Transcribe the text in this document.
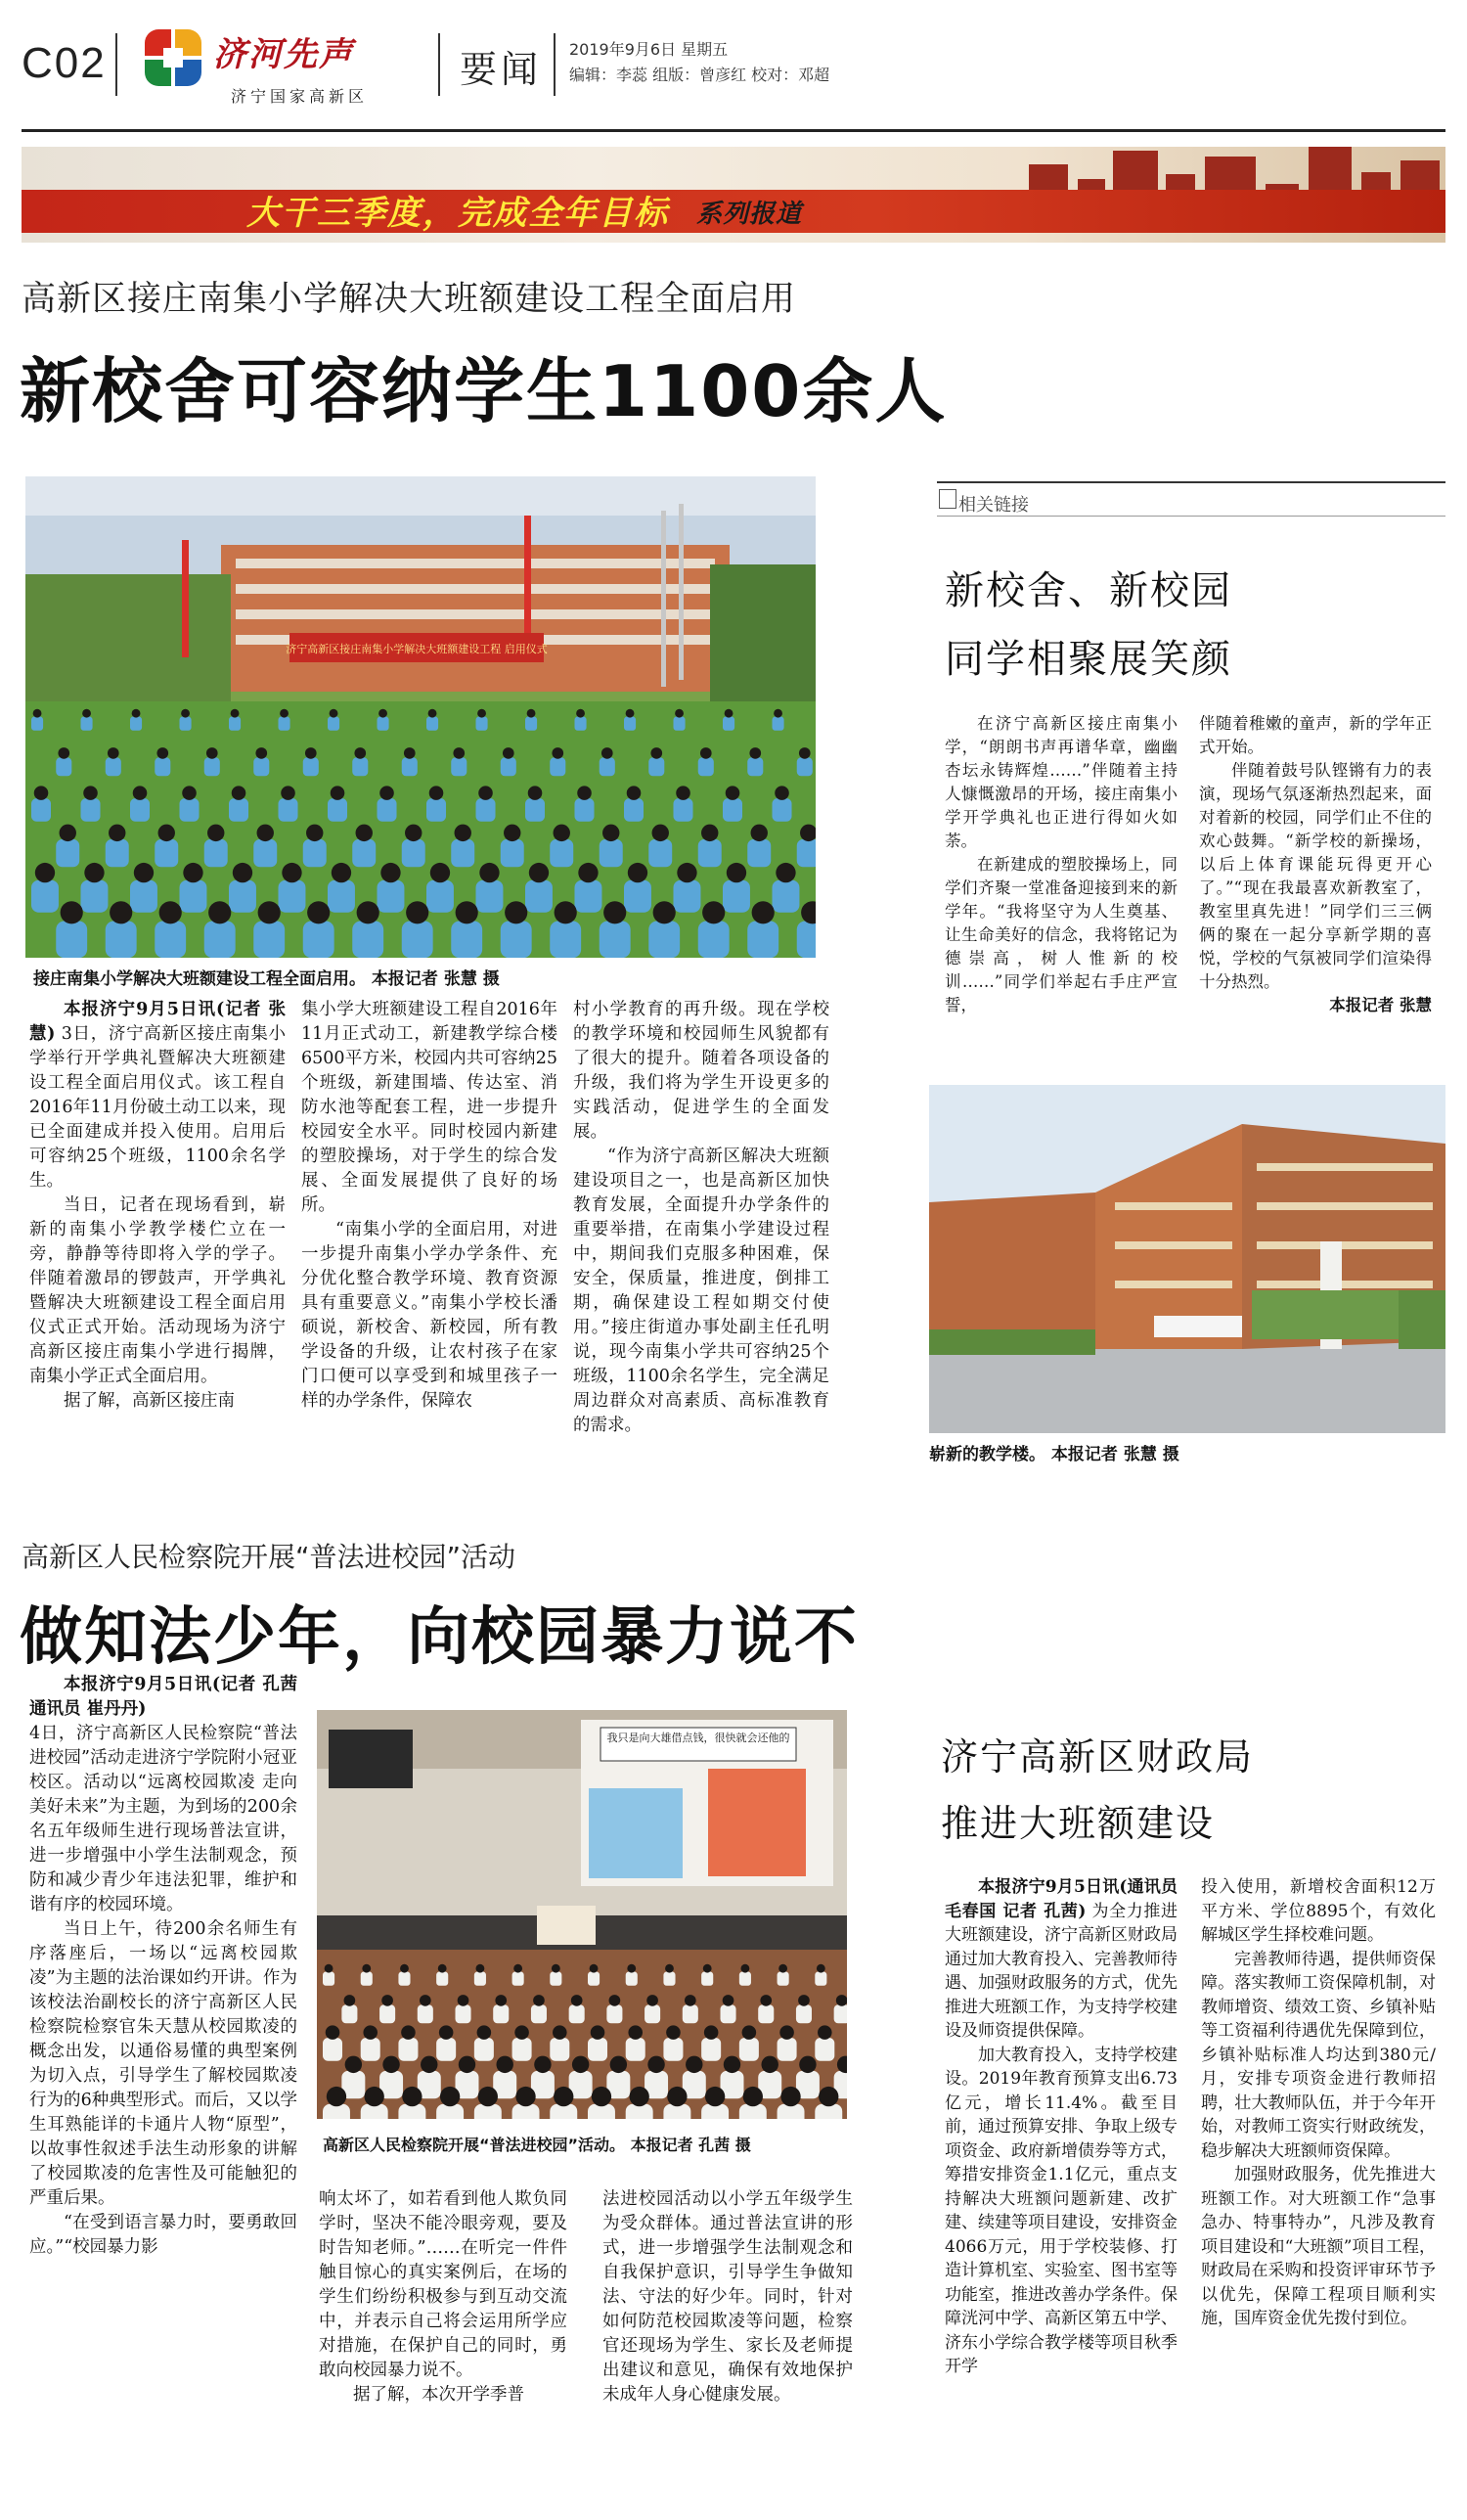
C02	济河先声
济宁国家高新区
要闻 2019年9月6日 星期五
编辑：李蕊 组版：曾彦红 校对：邓超
大干三季度，完成全年目标 系列报道
高新区接庄南集小学解决大班额建设工程全面启用
新校舍可容纳学生1100余人
济宁高新区接庄南集小学解决大班额建设工程 启用仪式
接庄南集小学解决大班额建设工程全面启用。 本报记者 张慧 摄

本报济宁9月5日讯(记者 张慧) 3日，济宁高新区接庄南集小学举行开学典礼暨解决大班额建设工程全面启用仪式。该工程自2016年11月份破土动工以来，现已全面建成并投入使用。启用后可容纳25个班级，1100余名学生。

当日，记者在现场看到，崭新的南集小学教学楼伫立在一旁，静静等待即将入学的学子。伴随着激昂的锣鼓声，开学典礼暨解决大班额建设工程全面启用仪式正式开始。活动现场为济宁高新区接庄南集小学进行揭牌，南集小学正式全面启用。

据了解，高新区接庄南

集小学大班额建设工程自2016年11月正式动工，新建教学综合楼6500平方米，校园内共可容纳25个班级，新建围墙、传达室、消防水池等配套工程，进一步提升校园安全水平。同时校园内新建的塑胶操场，对于学生的综合发展、全面发展提供了良好的场所。

“南集小学的全面启用，对进一步提升南集小学办学条件、充分优化整合教学环境、教育资源具有重要意义。”南集小学校长潘硕说，新校舍、新校园，所有教学设备的升级，让农村孩子在家门口便可以享受到和城里孩子一样的办学条件，保障农

村小学教育的再升级。现在学校的教学环境和校园师生风貌都有了很大的提升。随着各项设备的升级，我们将为学生开设更多的实践活动，促进学生的全面发展。

“作为济宁高新区解决大班额建设项目之一，也是高新区加快教育发展，全面提升办学条件的重要举措，在南集小学建设过程中，期间我们克服多种困难，保安全，保质量，推进度，倒排工期，确保建设工程如期交付使用。”接庄街道办事处副主任孔明说，现今南集小学共可容纳25个班级，1100余名学生，完全满足周边群众对高素质、高标准教育的需求。

相关链接
新校舍、新校园
同学相聚展笑颜

在济宁高新区接庄南集小学，“朗朗书声再谱华章，幽幽杏坛永铸辉煌……”伴随着主持人慷慨激昂的开场，接庄南集小学开学典礼也正进行得如火如荼。

在新建成的塑胶操场上，同学们齐聚一堂准备迎接到来的新学年。“我将坚守为人生奠基、让生命美好的信念，我将铭记为德崇高，树人惟新的校训……”同学们举起右手庄严宣誓，

伴随着稚嫩的童声，新的学年正式开始。

伴随着鼓号队铿锵有力的表演，现场气氛逐渐热烈起来，面对着新的校园，同学们止不住的欢心鼓舞。“新学校的新操场，以后上体育课能玩得更开心了。”“现在我最喜欢新教室了，教室里真先进！”同学们三三俩俩的聚在一起分享新学期的喜悦，学校的气氛被同学们渲染得十分热烈。

本报记者 张慧

崭新的教学楼。 本报记者 张慧 摄
高新区人民检察院开展“普法进校园”活动
做知法少年，向校园暴力说不

本报济宁9月5日讯(记者 孔茜 通讯员 崔丹丹)

4日，济宁高新区人民检察院“普法进校园”活动走进济宁学院附小冠亚校区。活动以“远离校园欺凌 走向美好未来”为主题，为到场的200余名五年级师生进行现场普法宣讲，进一步增强中小学生法制观念，预防和减少青少年违法犯罪，维护和谐有序的校园环境。

当日上午，待200余名师生有序落座后，一场以“远离校园欺凌”为主题的法治课如约开讲。作为该校法治副校长的济宁高新区人民检察院检察官朱天慧从校园欺凌的概念出发，以通俗易懂的典型案例为切入点，引导学生了解校园欺凌行为的6种典型形式。而后，又以学生耳熟能详的卡通片人物“原型”，以故事性叙述手法生动形象的讲解了校园欺凌的危害性及可能触犯的严重后果。

“在受到语言暴力时，要勇敢回应。”“校园暴力影

我只是向大雄借点钱，很快就会还他的
高新区人民检察院开展“普法进校园”活动。 本报记者 孔茜 摄

响太坏了，如若看到他人欺负同学时，坚决不能冷眼旁观，要及时告知老师。”……在听完一件件触目惊心的真实案例后，在场的学生们纷纷积极参与到互动交流中，并表示自己将会运用所学应对措施，在保护自己的同时，勇敢向校园暴力说不。

据了解，本次开学季普

法进校园活动以小学五年级学生为受众群体。通过普法宣讲的形式，进一步增强学生法制观念和自我保护意识，引导学生争做知法、守法的好少年。同时，针对如何防范校园欺凌等问题，检察官还现场为学生、家长及老师提出建议和意见，确保有效地保护未成年人身心健康发展。

济宁高新区财政局
推进大班额建设

本报济宁9月5日讯(通讯员 毛春国 记者 孔茜) 为全力推进大班额建设，济宁高新区财政局通过加大教育投入、完善教师待遇、加强财政服务的方式，优先推进大班额工作，为支持学校建设及师资提供保障。

加大教育投入，支持学校建设。2019年教育预算支出6.73亿元，增长11.4%。截至目前，通过预算安排、争取上级专项资金、政府新增债券等方式，筹措安排资金1.1亿元，重点支持解决大班额问题新建、改扩建、续建等项目建设，安排资金4066万元，用于学校装修、打造计算机室、实验室、图书室等功能室，推进改善办学条件。保障洸河中学、高新区第五中学、济东小学综合教学楼等项目秋季开学

投入使用，新增校舍面积12万平方米、学位8895个，有效化解城区学生择校难问题。

完善教师待遇，提供师资保障。落实教师工资保障机制，对教师增资、绩效工资、乡镇补贴等工资福利待遇优先保障到位，乡镇补贴标准人均达到380元/月，安排专项资金进行教师招聘，壮大教师队伍，并于今年开始，对教师工资实行财政统发，稳步解决大班额师资保障。

加强财政服务，优先推进大班额工作。对大班额工作“急事急办、特事特办”，凡涉及教育项目建设和“大班额”项目工程，财政局在采购和投资评审环节予以优先，保障工程项目顺利实施，国库资金优先拨付到位。
